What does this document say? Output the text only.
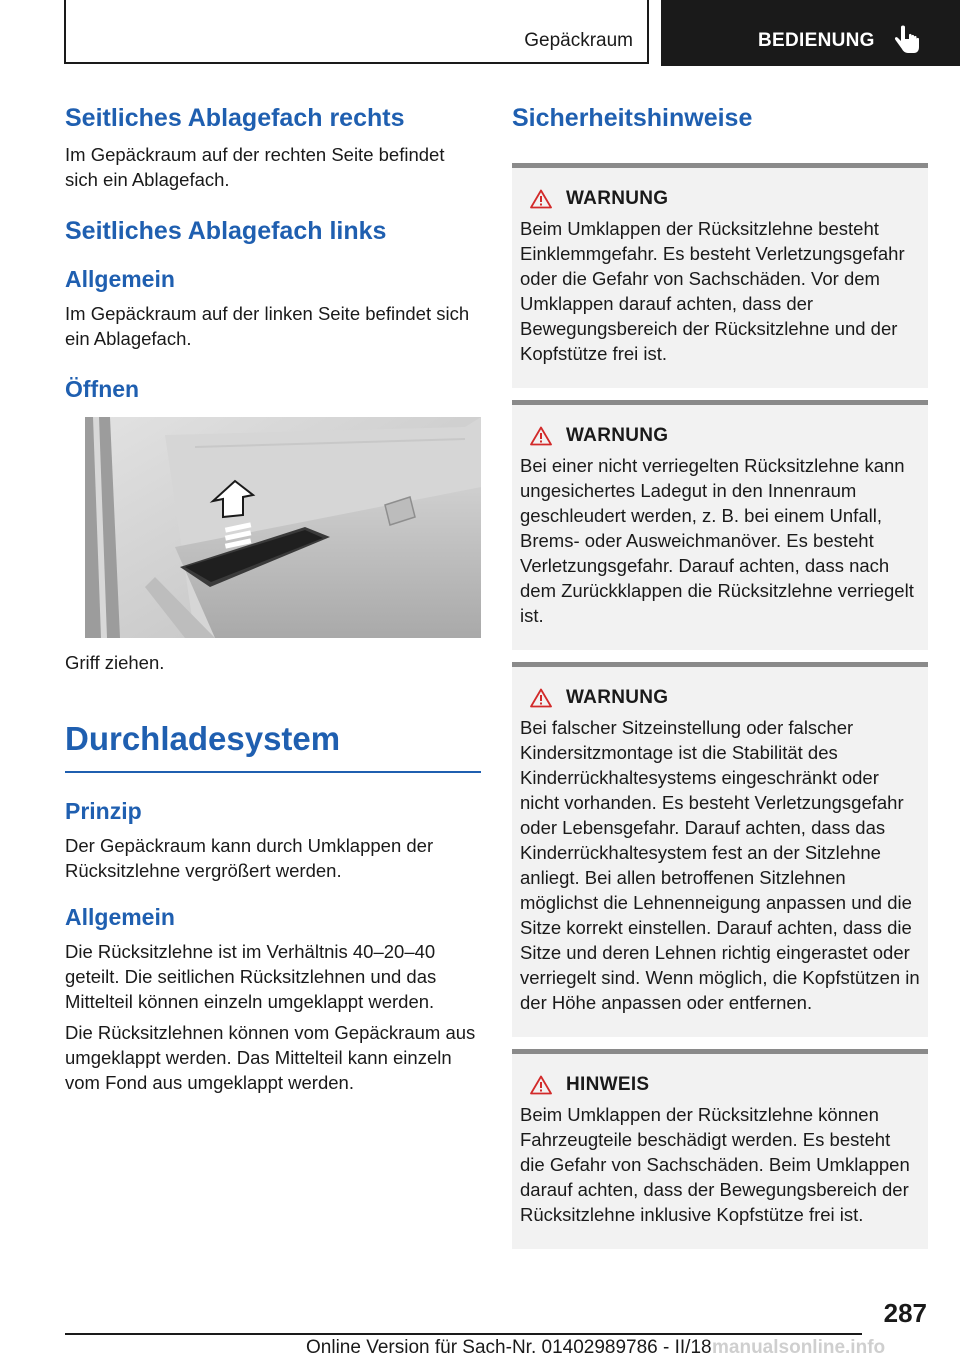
Gepäckraum	BEDIENUNG
Seitliches Ablagefach rechts

Im Gepäckraum auf der rechten Seite befindet sich ein Ablagefach.

Seitliches Ablagefach links
Allgemein

Im Gepäckraum auf der linken Seite befindet sich ein Ablagefach.

Öffnen

Griff ziehen.

Durchladesystem
Prinzip

Der Gepäckraum kann durch Umklappen der Rücksitzlehne vergrößert werden.

Allgemein

Die Rücksitzlehne ist im Verhältnis 40–20–40 geteilt. Die seitlichen Rücksitzlehnen und das Mittelteil können einzeln umgeklappt werden.

Die Rücksitzlehnen können vom Gepäckraum aus umgeklappt werden. Das Mittelteil kann einzeln vom Fond aus umgeklappt werden.

Sicherheitshinweise
WARNUNG

Beim Umklappen der Rücksitzlehne besteht Einklemmgefahr. Es besteht Verletzungsgefahr oder die Gefahr von Sachschäden. Vor dem Umklappen darauf achten, dass der Bewegungsbereich der Rücksitzlehne und der Kopfstütze frei ist.

WARNUNG

Bei einer nicht verriegelten Rücksitzlehne kann ungesichertes Ladegut in den Innenraum geschleudert werden, z. B. bei einem Unfall, Brems- oder Ausweichmanöver. Es besteht Verletzungsgefahr. Darauf achten, dass nach dem Zurückklappen die Rücksitzlehne verriegelt ist.

WARNUNG

Bei falscher Sitzeinstellung oder falscher Kindersitzmontage ist die Stabilität des Kinderrückhaltesystems eingeschränkt oder nicht vorhanden. Es besteht Verletzungsgefahr oder Lebensgefahr. Darauf achten, dass das Kinderrückhaltesystem fest an der Sitzlehne anliegt. Bei allen betroffenen Sitzlehnen möglichst die Lehnenneigung anpassen und die Sitze korrekt einstellen. Darauf achten, dass die Sitze und deren Lehnen richtig eingerastet oder verriegelt sind. Wenn möglich, die Kopfstützen in der Höhe anpassen oder entfernen.

HINWEIS

Beim Umklappen der Rücksitzlehne können Fahrzeugteile beschädigt werden. Es besteht die Gefahr von Sachschäden. Beim Umklappen darauf achten, dass der Bewegungsbereich der Rücksitzlehne inklusive Kopfstütze frei ist.

287
Online Version für Sach-Nr. 01402989786 - II/18 manualsonline.info
